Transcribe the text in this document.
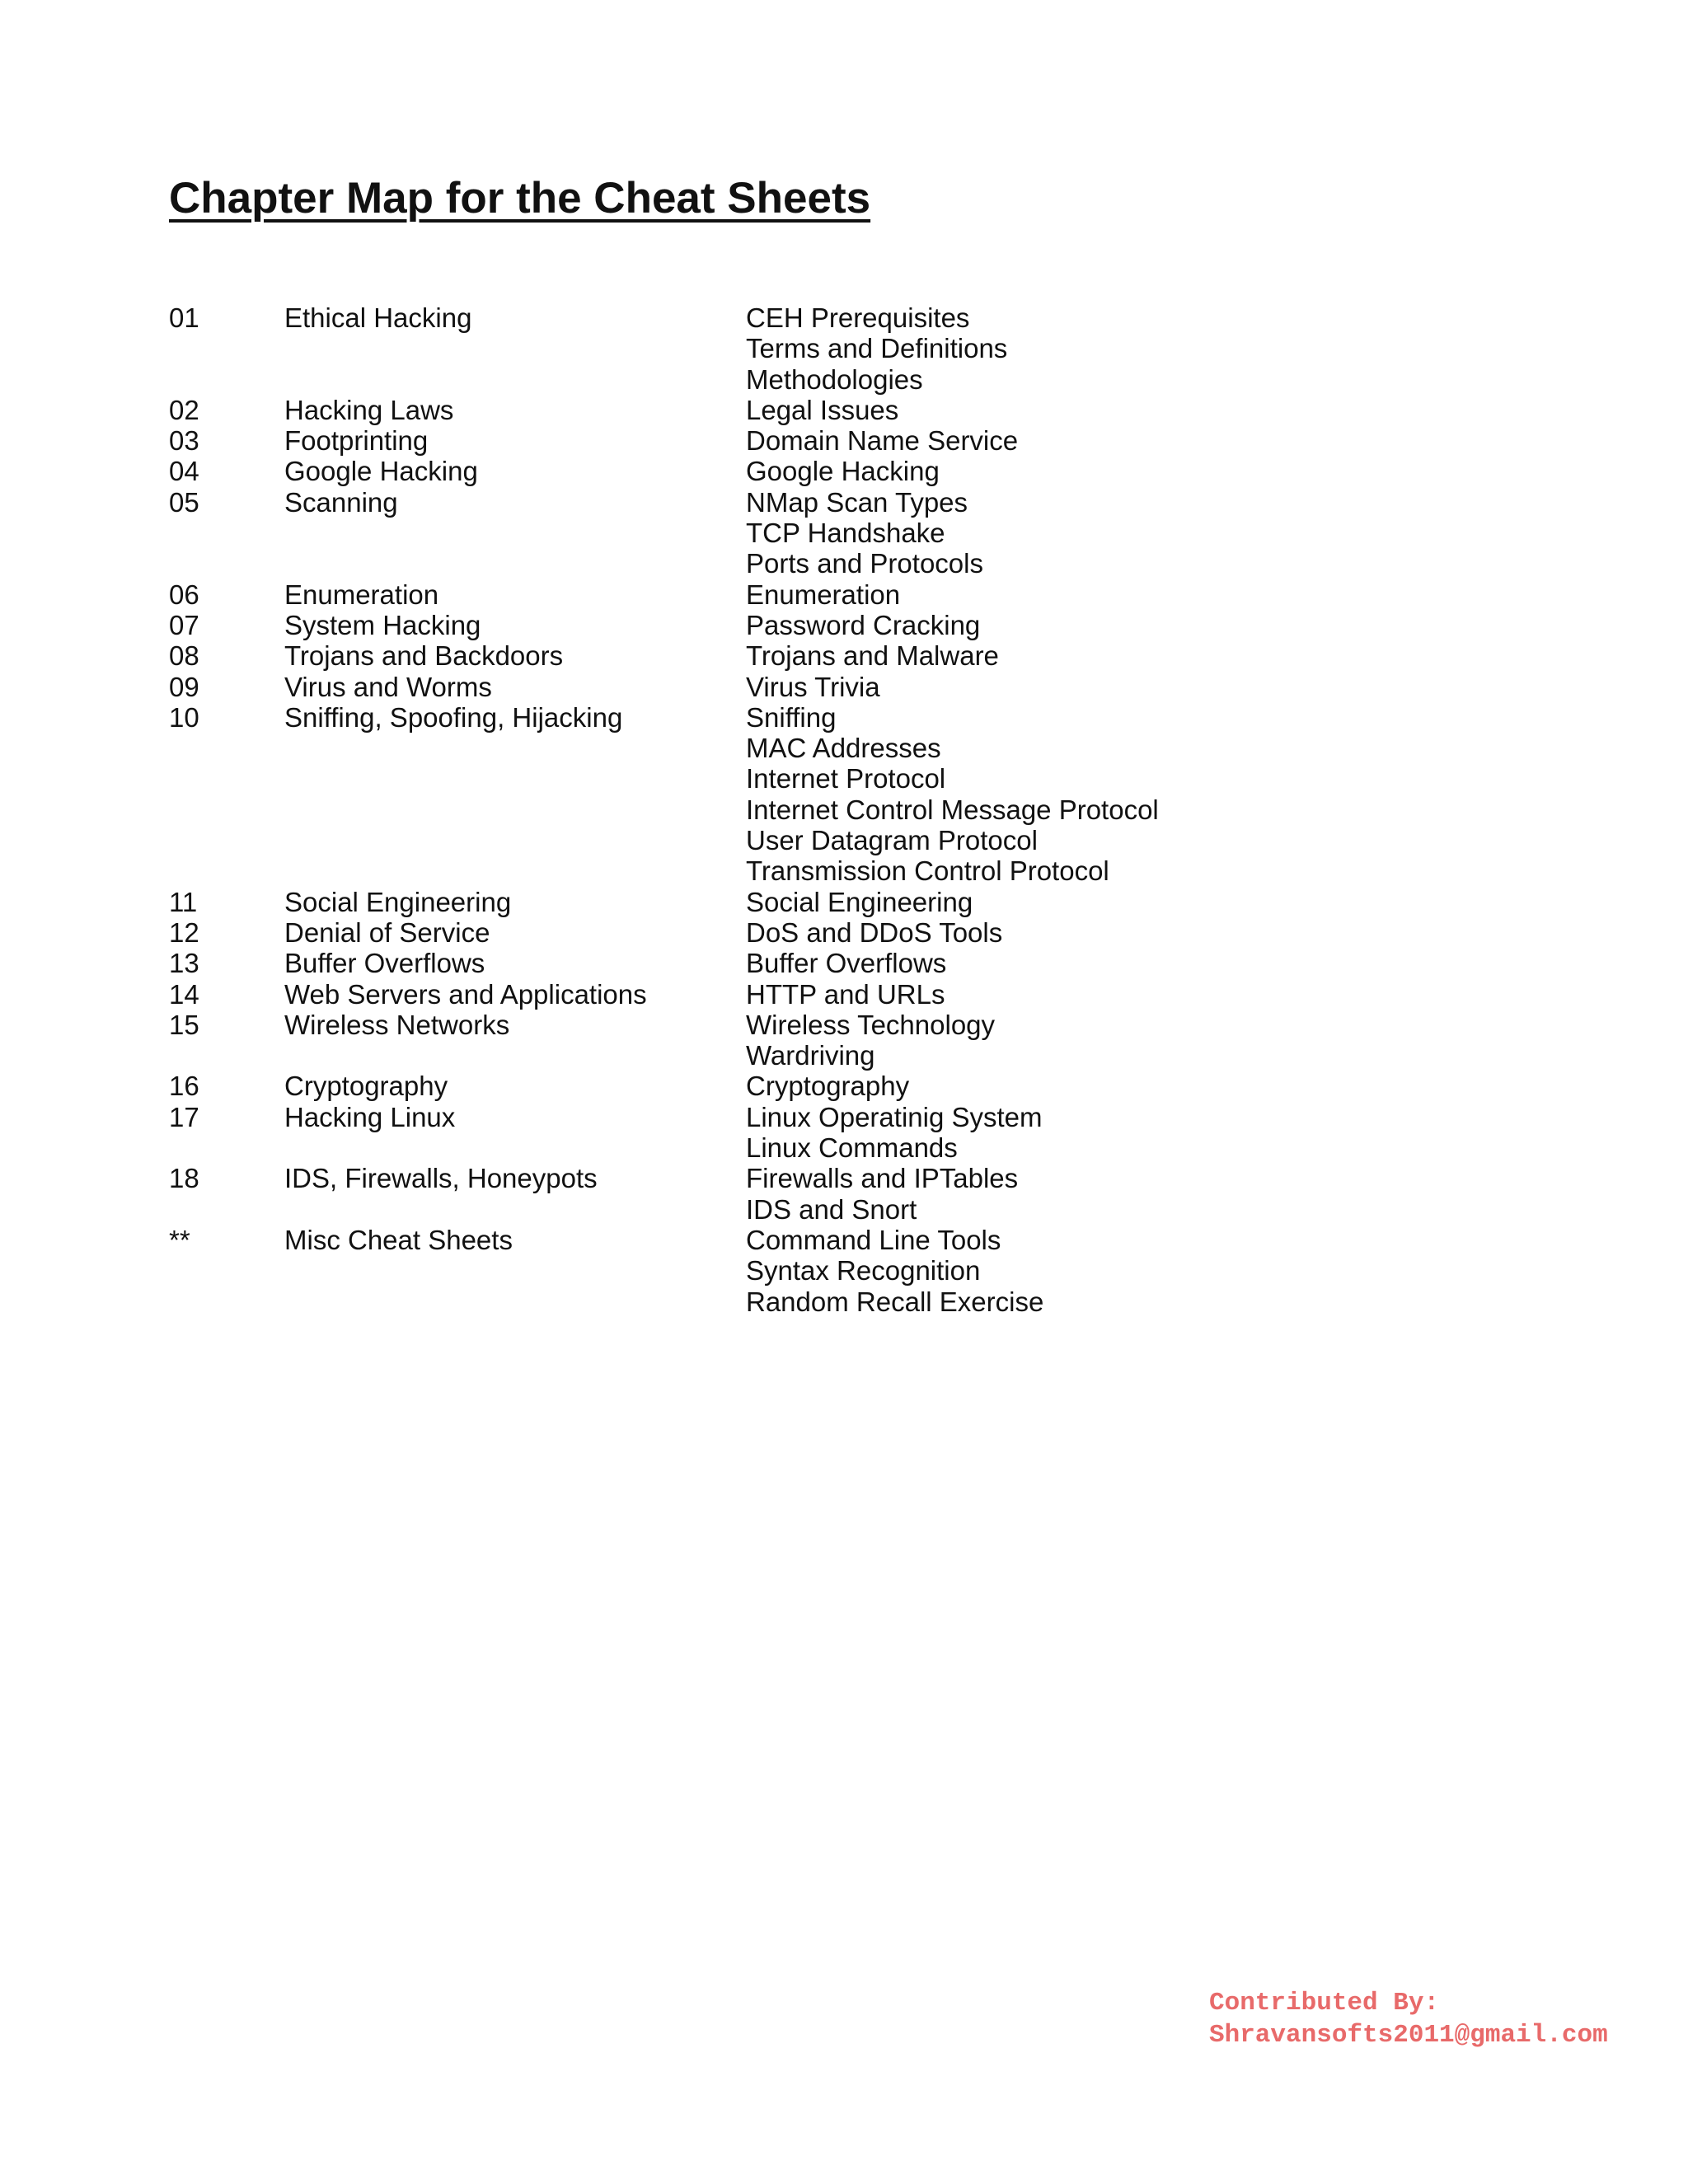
Chapter Map for the Cheat Sheets
01	Ethical Hacking	CEH Prerequisites
Terms and Definitions
Methodologies
02	Hacking Laws	Legal Issues
03	Footprinting	Domain Name Service
04	Google Hacking	Google Hacking
05	Scanning	NMap Scan Types
TCP Handshake
Ports and Protocols
06	Enumeration	Enumeration
07	System Hacking	Password Cracking
08	Trojans and Backdoors	Trojans and Malware
09	Virus and Worms	Virus Trivia
10	Sniffing, Spoofing, Hijacking	Sniffing
MAC Addresses
Internet Protocol
Internet Control Message Protocol
User Datagram Protocol
Transmission Control Protocol
11	Social Engineering	Social Engineering
12	Denial of Service	DoS and DDoS Tools
13	Buffer Overflows	Buffer Overflows
14	Web Servers and Applications	HTTP and URLs
15	Wireless Networks	Wireless Technology
Wardriving
16	Cryptography	Cryptography
17	Hacking Linux	Linux Operatinig System
Linux Commands
18	IDS, Firewalls, Honeypots	Firewalls and IPTables
IDS and Snort
**	Misc Cheat Sheets	Command Line Tools
Syntax Recognition
Random Recall Exercise
Contributed By:
Shravansofts2011@gmail.com
